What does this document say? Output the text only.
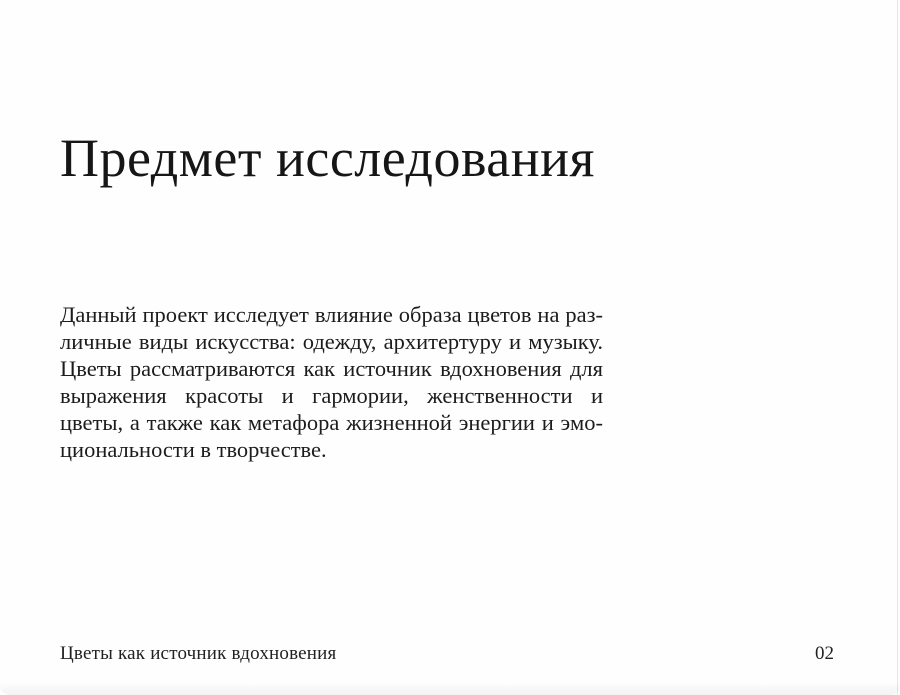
Предмет исследования
Данный проект исследует влияние образа цветов на раз-
личные виды искусства: одежду, архитертуру и музыку.
Цветы рассматриваются как источник вдохновения для
выражения красоты и гармории, женственности и
цветы, а также как метафора жизненной энергии и эмо-
циональности в творчестве.
Цветы как источник вдохновения	02
